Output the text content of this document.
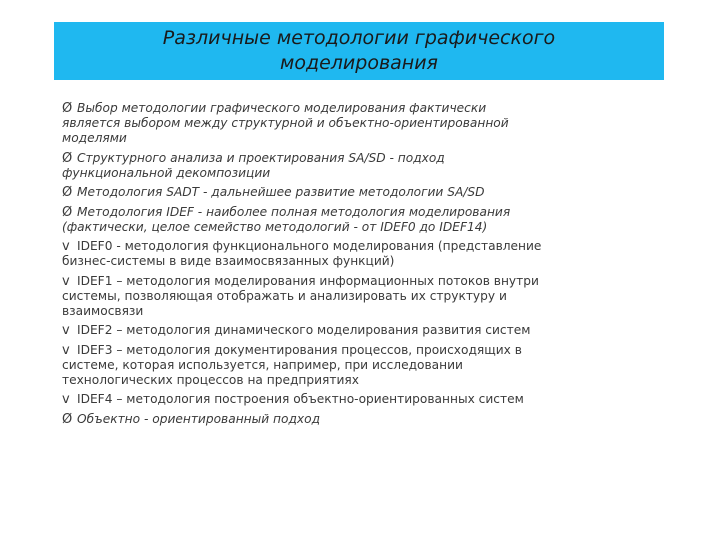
Различные методологии графического
моделирования
Ø Выбор методологии графического моделирования фактически
является выбором между структурной и объектно-ориентированной
моделями
Ø Структурного анализа и проектирования SA/SD - подход
функциональной декомпозиции
Ø Методология SADT - дальнейшее развитие методологии SA/SD
Ø Методология IDEF - наиболее полная методология моделирования
(фактически, целое семейство методологий - от IDEF0 до IDEF14)
v IDEF0 - методология функционального моделирования (представление
бизнес-системы в виде взаимосвязанных функций)
v IDEF1 – методология моделирования информационных потоков внутри
системы, позволяющая отображать и анализировать их структуру и
взаимосвязи
v IDEF2 – методология динамического моделирования развития систем
v IDEF3 – методология документирования процессов, происходящих в
системе, которая используется, например, при исследовании
технологических процессов на предприятиях
v IDEF4 – методология построения объектно-ориентированных систем
Ø Объектно - ориентированный подход
